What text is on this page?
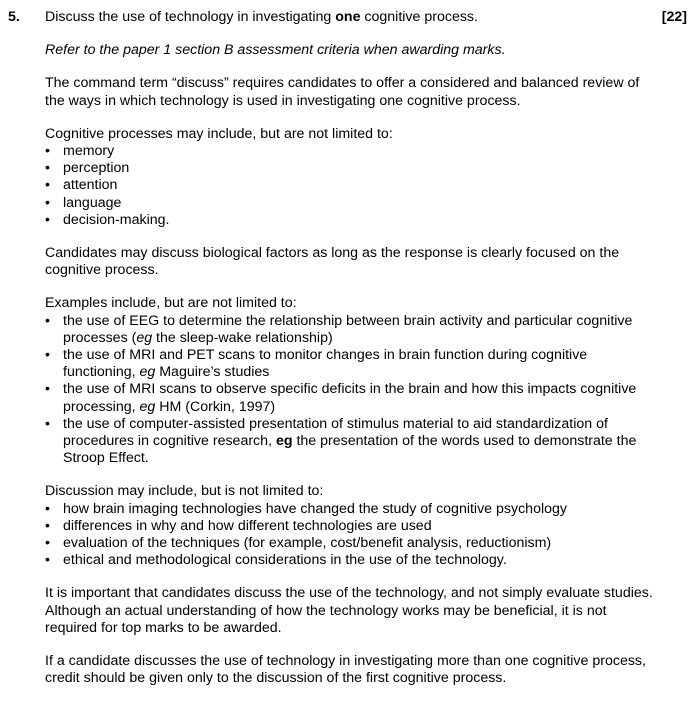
5.	[22]

Discuss the use of technology in investigating one cognitive process.

Refer to the paper 1 section B assessment criteria when awarding marks.

The command term “discuss” requires candidates to offer a considered and balanced review of the ways in which technology is used in investigating one cognitive process.

Cognitive processes may include, but are not limited to:

• memory
• perception
• attention
• language
• decision-making.

Candidates may discuss biological factors as long as the response is clearly focused on the cognitive process.

Examples include, but are not limited to:

• the use of EEG to determine the relationship between brain activity and particular cognitive processes (eg the sleep-wake relationship)
• the use of MRI and PET scans to monitor changes in brain function during cognitive functioning, eg Maguire’s studies
• the use of MRI scans to observe specific deficits in the brain and how this impacts cognitive processing, eg HM (Corkin, 1997)
• the use of computer-assisted presentation of stimulus material to aid standardization of procedures in cognitive research, eg the presentation of the words used to demonstrate the Stroop Effect.

Discussion may include, but is not limited to:

• how brain imaging technologies have changed the study of cognitive psychology
• differences in why and how different technologies are used
• evaluation of the techniques (for example, cost/benefit analysis, reductionism)
• ethical and methodological considerations in the use of the technology.

It is important that candidates discuss the use of the technology, and not simply evaluate studies. Although an actual understanding of how the technology works may be beneficial, it is not required for top marks to be awarded.

If a candidate discusses the use of technology in investigating more than one cognitive process, credit should be given only to the discussion of the first cognitive process.
